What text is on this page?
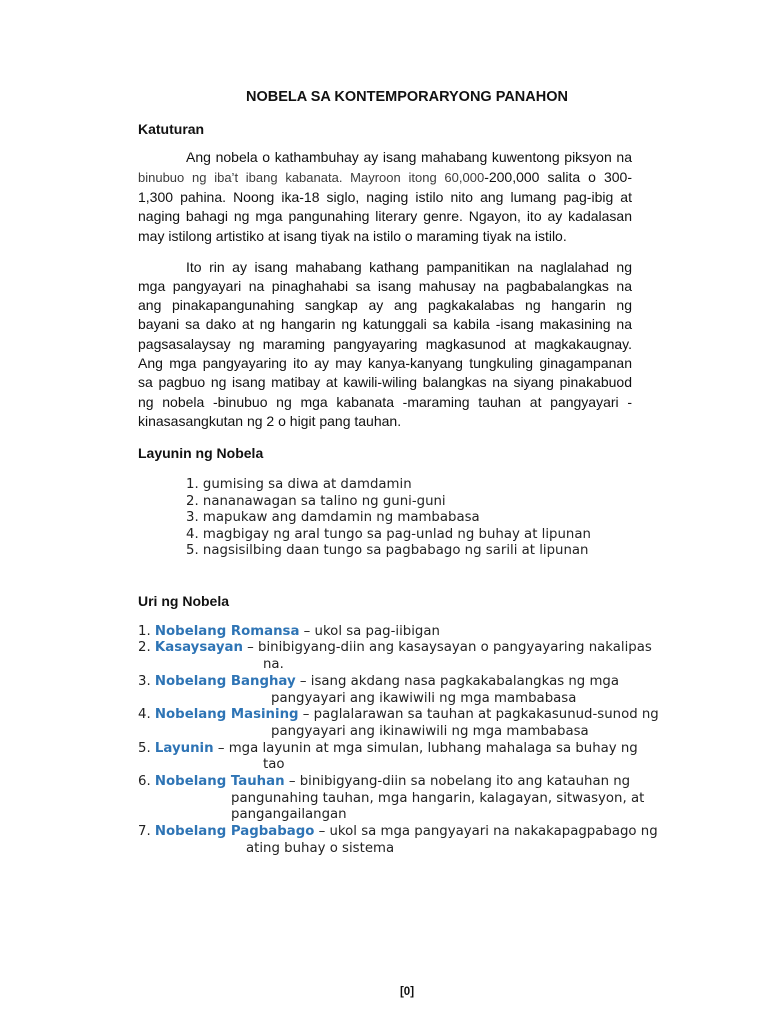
NOBELA SA KONTEMPORARYONG PANAHON
Katuturan
Ang nobela o kathambuhay ay isang mahabang kuwentong piksyon na
binubuo ng iba’t ibang kabanata. Mayroon itong 60,000-200,000 salita o 300-
1,300 pahina. Noong ika-18 siglo, naging istilo nito ang lumang pag-ibig at
naging bahagi ng mga pangunahing literary genre. Ngayon, ito ay kadalasan
may istilong artistiko at isang tiyak na istilo o maraming tiyak na istilo.
Ito rin ay isang mahabang kathang pampanitikan na naglalahad ng
mga pangyayari na pinaghahabi sa isang mahusay na pagbabalangkas na
ang pinakapangunahing sangkap ay ang pagkakalabas ng hangarin ng
bayani sa dako at ng hangarin ng katunggali sa kabila -isang makasining na
pagsasalaysay ng maraming pangyayaring magkasunod at magkakaugnay.
Ang mga pangyayaring ito ay may kanya-kanyang tungkuling ginagampanan
sa pagbuo ng isang matibay at kawili-wiling balangkas na siyang pinakabuod
ng nobela -binubuo ng mga kabanata -maraming tauhan at pangyayari -
kinasasangkutan ng 2 o higit pang tauhan.
Layunin ng Nobela
1. gumising sa diwa at damdamin
2. nananawagan sa talino ng guni-guni
3. mapukaw ang damdamin ng mambabasa
4. magbigay ng aral tungo sa pag-unlad ng buhay at lipunan
5. nagsisilbing daan tungo sa pagbabago ng sarili at lipunan
Uri ng Nobela
1. Nobelang Romansa – ukol sa pag-iibigan
2. Kasaysayan – binibigyang-diin ang kasaysayan o pangyayaring nakalipas
na.
3. Nobelang Banghay – isang akdang nasa pagkakabalangkas ng mga
pangyayari ang ikawiwili ng mga mambabasa
4. Nobelang Masining – paglalarawan sa tauhan at pagkakasunud-sunod ng
pangyayari ang ikinawiwili ng mga mambabasa
5. Layunin – mga layunin at mga simulan, lubhang mahalaga sa buhay ng
tao
6. Nobelang Tauhan – binibigyang-diin sa nobelang ito ang katauhan ng
pangunahing tauhan, mga hangarin, kalagayan, sitwasyon, at
pangangailangan
7. Nobelang Pagbabago – ukol sa mga pangyayari na nakakapagpabago ng
ating buhay o sistema
[0]
